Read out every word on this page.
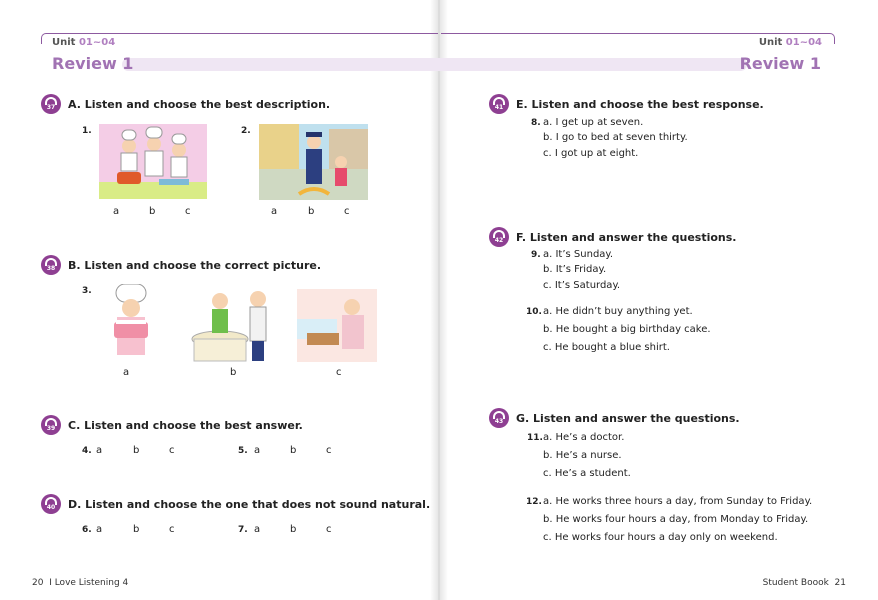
Unit 01~04	Unit 01~04
Review 1	Review 1
37	A. Listen and choose the best description.
1.
a	b	c
2.
a	b	c
38	B. Listen and choose the correct picture.
3.
a	b	c
39	C. Listen and choose the best answer.
4. a	b	c	5. a	b	c
40	D. Listen and choose the one that does not sound natural.
6. a	b	c	7. a	b	c
41	E. Listen and choose the best response.
8. a. I get up at seven.
b. I go to bed at seven thirty.
c. I got up at eight.
42	F. Listen and answer the questions.
9. a. It’s Sunday.
b. It’s Friday.
c. It’s Saturday.
10. a. He didn’t buy anything yet.
b. He bought a big birthday cake.
c. He bought a blue shirt.
43	G. Listen and answer the questions.
11. a. He’s a doctor.
b. He’s a nurse.
c. He’s a student.
12. a. He works three hours a day, from Sunday to Friday.
b. He works four hours a day, from Monday to Friday.
c. He works four hours a day only on weekend.
20 I Love Listening 4	Student Boook 21
